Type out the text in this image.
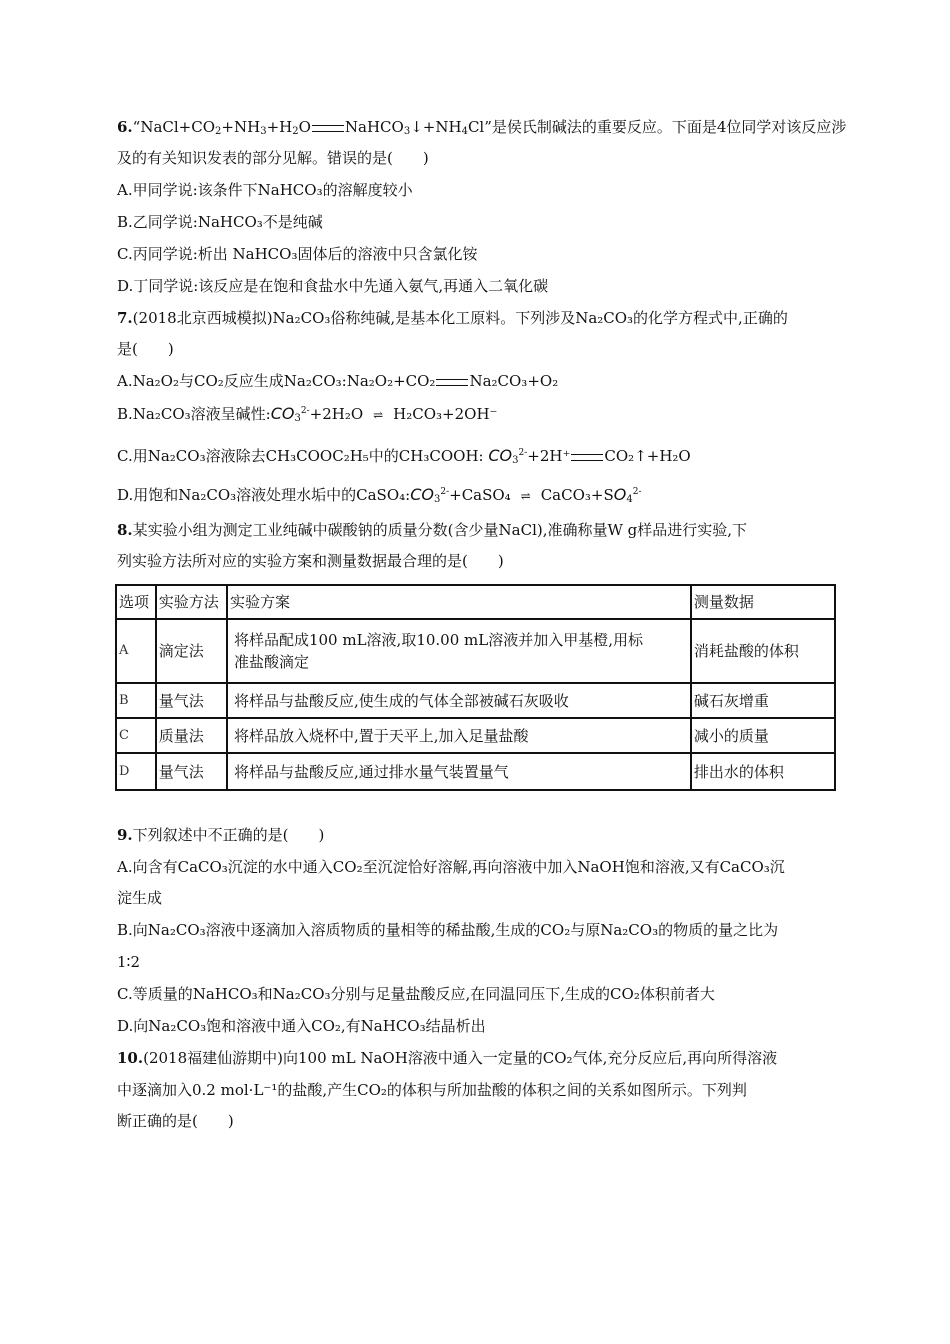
$6.“NaCl+CO_2+NH_3+H_2O$ $NaHCO_3↓+NH_4Cl$”是侯氏制碱法的重要反应。下面是4位同学对该反应涉
及的有关知识发表的部分见解。错误的是(　　)
A.甲同学说:该条件下NaHCO₃的溶解度较小
B.乙同学说:NaHCO₃不是纯碱
C.丙同学说:析出 NaHCO₃固体后的溶液中只含氯化铵
D.丁同学说:该反应是在饱和食盐水中先通入氨气,再通入二氧化碳
7.(2018北京西城模拟)Na₂CO₃俗称纯碱,是基本化工原料。下列涉及Na₂CO₃的化学方程式中,正确的
是(　　)
A.Na₂O₂与CO₂反应生成Na₂CO₃:Na₂O₂+CO₂ Na₂CO₃+O₂
B.Na₂CO₃溶液呈碱性$:CO_3^{2-}+2H_2O$ ⇌ H₂CO₃+2OH⁻
C.用Na₂CO₃溶液除去CH₃COOC₂H₅中的CH₃COOH: $CO_3^{2-}+2H^+$ CO₂↑+H₂O
D.用饱和Na₂CO₃溶液处理水垢中的$CaSO_4:CO_3^{2-}+CaSO_4$ ⇌ $CaCO_3+SO_4^{2-}$
8.某实验小组为测定工业纯碱中碳酸钠的质量分数(含少量NaCl),准确称量W g样品进行实验,下
列实验方法所对应的实验方案和测量数据最合理的是(　　)
选项	实验方法	实验方案	测量数据
A	滴定法	将样品配成100 mL溶液,取10.00 mL溶液并加入甲基橙,用标
准盐酸滴定	消耗盐酸的体积
B	量气法	将样品与盐酸反应,使生成的气体全部被碱石灰吸收	碱石灰增重
C	质量法	将样品放入烧杯中,置于天平上,加入足量盐酸	减小的质量
D	量气法	将样品与盐酸反应,通过排水量气装置量气	排出水的体积
9.下列叙述中不正确的是(　　)
A.向含有CaCO₃沉淀的水中通入CO₂至沉淀恰好溶解,再向溶液中加入NaOH饱和溶液,又有CaCO₃沉
淀生成
B.向Na₂CO₃溶液中逐滴加入溶质物质的量相等的稀盐酸,生成的CO₂与原Na₂CO₃的物质的量之比为
1∶2
C.等质量的NaHCO₃和Na₂CO₃分别与足量盐酸反应,在同温同压下,生成的CO₂体积前者大
D.向Na₂CO₃饱和溶液中通入CO₂,有NaHCO₃结晶析出
10.(2018福建仙游期中)向100 mL NaOH溶液中通入一定量的CO₂气体,充分反应后,再向所得溶液
中逐滴加入0.2 mol·L⁻¹的盐酸,产生CO₂的体积与所加盐酸的体积之间的关系如图所示。下列判
断正确的是(　　)
